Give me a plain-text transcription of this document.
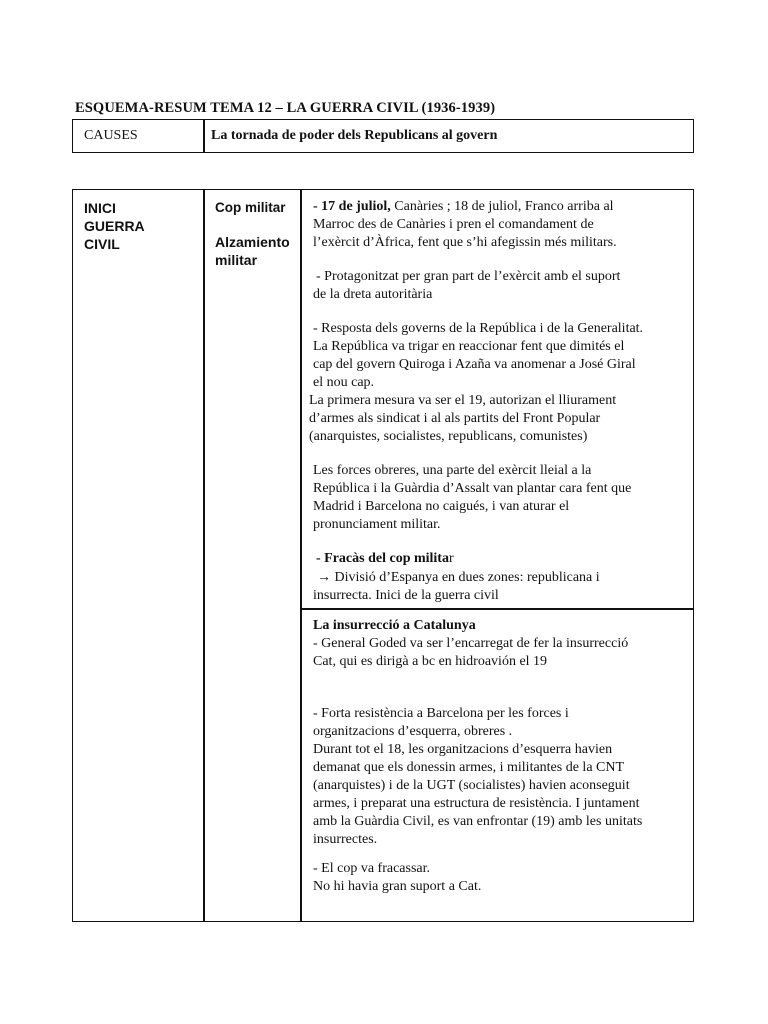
ESQUEMA-RESUM TEMA 12 – LA GUERRA CIVIL (1936-1939)
CAUSES	La tornada de poder dels Republicans al govern
INICI
GUERRA
CIVIL
Cop militar
Alzamiento
militar
- 17 de juliol, Canàries ; 18 de juliol, Franco arriba al
Marroc des de Canàries i pren el comandament de
l’exèrcit d’Àfrica, fent que s’hi afegissin més militars.
- Protagonitzat per gran part de l’exèrcit amb el suport
de la dreta autoritària
- Resposta dels governs de la República i de la Generalitat.
La República va trigar en reaccionar fent que dimités el
cap del govern Quiroga i Azaña va anomenar a José Giral
el nou cap.
La primera mesura va ser el 19, autorizan el lliurament
d’armes als sindicat i al als partits del Front Popular
(anarquistes, socialistes, republicans, comunistes)
Les forces obreres, una parte del exèrcit lleial a la
República i la Guàrdia d’Assalt van plantar cara fent que
Madrid i Barcelona no caigués, i van aturar el
pronunciament militar.
- Fracàs del cop militar
→ Divisió d’Espanya en dues zones: republicana i
insurrecta. Inici de la guerra civil
La insurrecció a Catalunya
- General Goded va ser l’encarregat de fer la insurrecció
Cat, qui es dirigà a bc en hidroavión el 19
- Forta resistència a Barcelona per les forces i
organitzacions d’esquerra, obreres .
Durant tot el 18, les organitzacions d’esquerra havien
demanat que els donessin armes, i militantes de la CNT
(anarquistes) i de la UGT (socialistes) havien aconseguit
armes, i preparat una estructura de resistència. I juntament
amb la Guàrdia Civil, es van enfrontar (19) amb les unitats
insurrectes.
- El cop va fracassar.
No hi havia gran suport a Cat.
